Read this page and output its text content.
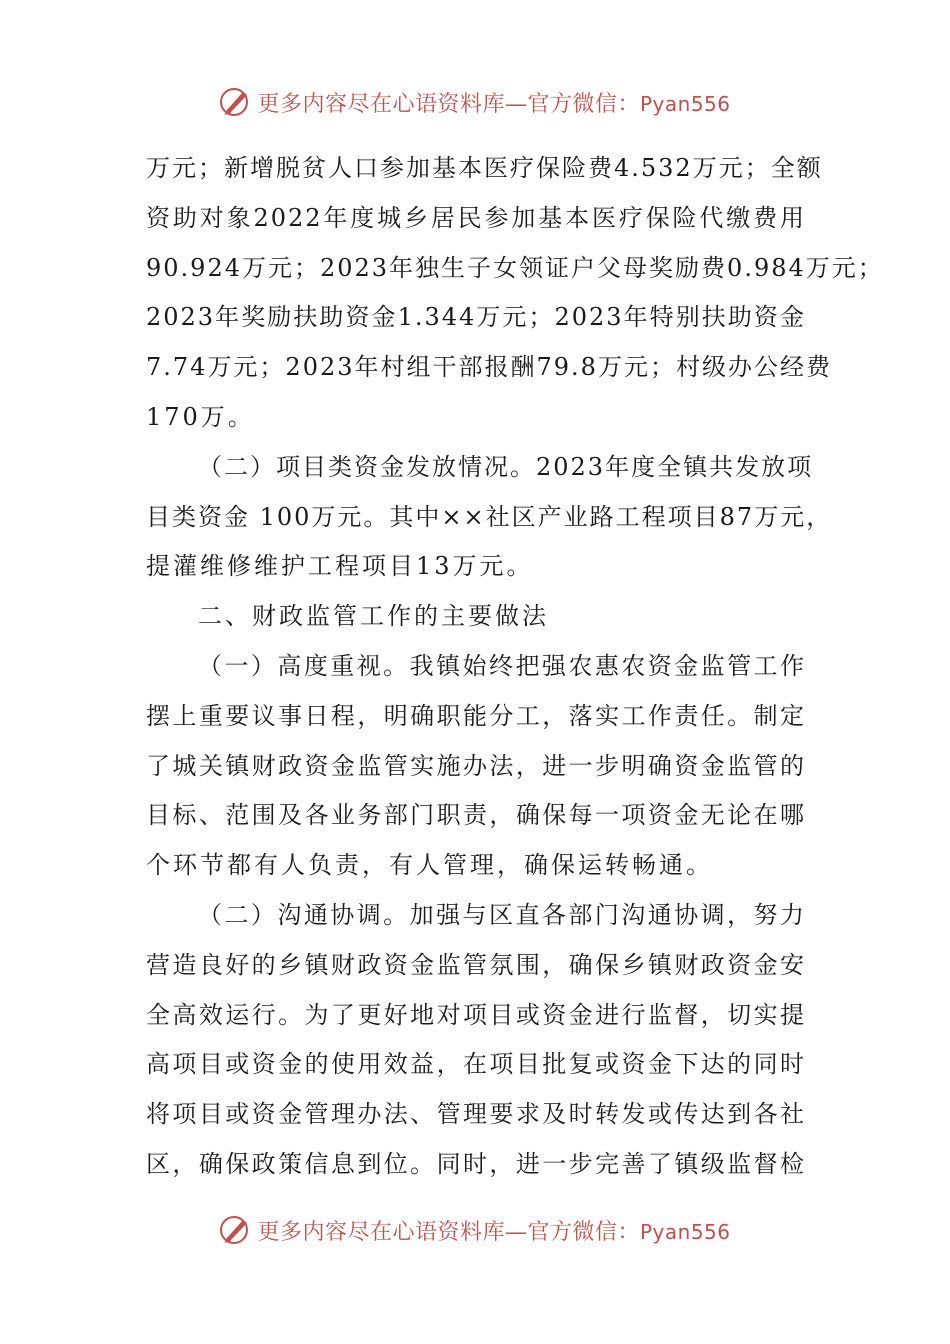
更多内容尽在心语资料库—官方微信：Pyan556
万元；新增脱贫人口参加基本医疗保险费4.532万元；全额
资助对象2022年度城乡居民参加基本医疗保险代缴费用
90.924万元；2023年独生子女领证户父母奖励费0.984万元；
2023年奖励扶助资金1.344万元；2023年特别扶助资金
7.74万元；2023年村组干部报酬79.8万元；村级办公经费
170万。
（二）项目类资金发放情况。2023年度全镇共发放项
目类资金 100万元。其中××社区产业路工程项目87万元，
提灌维修维护工程项目13万元。
二、财政监管工作的主要做法
（一）高度重视。我镇始终把强农惠农资金监管工作
摆上重要议事日程，明确职能分工，落实工作责任。制定
了城关镇财政资金监管实施办法，进一步明确资金监管的
目标、范围及各业务部门职责，确保每一项资金无论在哪
个环节都有人负责，有人管理，确保运转畅通。
（二）沟通协调。加强与区直各部门沟通协调，努力
营造良好的乡镇财政资金监管氛围，确保乡镇财政资金安
全高效运行。为了更好地对项目或资金进行监督，切实提
高项目或资金的使用效益，在项目批复或资金下达的同时
将项目或资金管理办法、管理要求及时转发或传达到各社
区，确保政策信息到位。同时，进一步完善了镇级监督检
更多内容尽在心语资料库—官方微信：Pyan556
